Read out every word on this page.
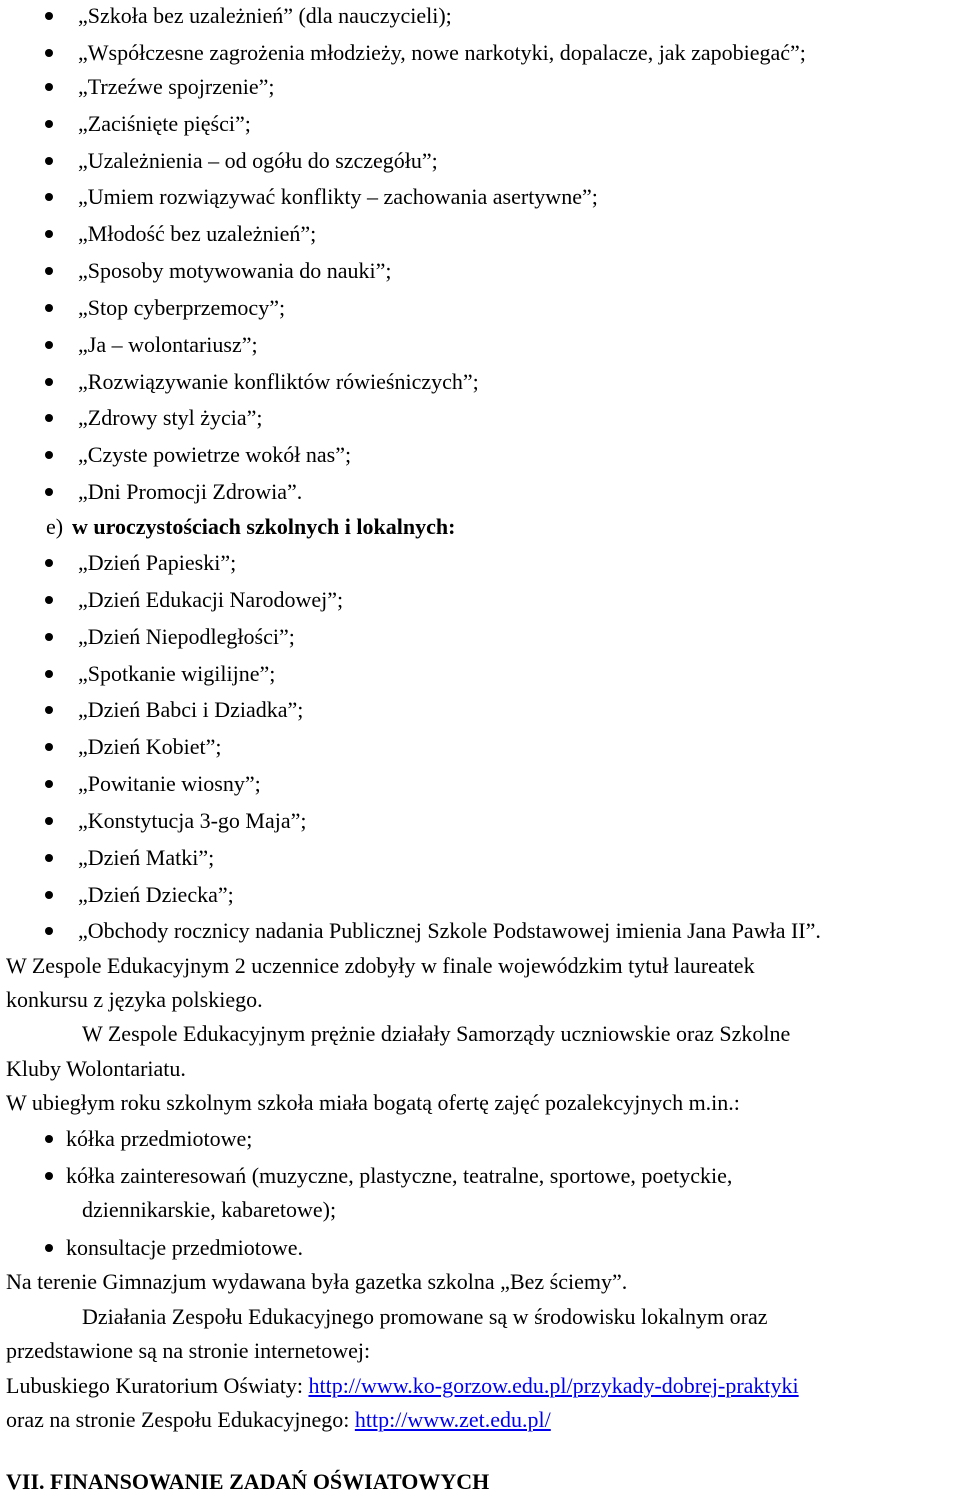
„Szkoła bez uzależnień” (dla nauczycieli);
„Współczesne zagrożenia młodzieży, nowe narkotyki, dopalacze, jak zapobiegać”;
„Trzeźwe spojrzenie”;
„Zaciśnięte pięści”;
„Uzależnienia – od ogółu do szczegółu”;
„Umiem rozwiązywać konflikty – zachowania asertywne”;
„Młodość bez uzależnień”;
„Sposoby motywowania do nauki”;
„Stop cyberprzemocy”;
„Ja – wolontariusz”;
„Rozwiązywanie konfliktów rówieśniczych”;
„Zdrowy styl życia”;
„Czyste powietrze wokół nas”;
„Dni Promocji Zdrowia”.
e) w uroczystościach szkolnych i lokalnych:
„Dzień Papieski”;
„Dzień Edukacji Narodowej”;
„Dzień Niepodległości”;
„Spotkanie wigilijne”;
„Dzień Babci i Dziadka”;
„Dzień Kobiet”;
„Powitanie wiosny”;
„Konstytucja 3-go Maja”;
„Dzień Matki”;
„Dzień Dziecka”;
„Obchody rocznicy nadania Publicznej Szkole Podstawowej imienia Jana Pawła II”.
W Zespole Edukacyjnym 2 uczennice zdobyły w finale wojewódzkim tytuł laureatek
konkursu z języka polskiego.
W Zespole Edukacyjnym prężnie działały Samorządy uczniowskie oraz Szkolne
Kluby Wolontariatu.
W ubiegłym roku szkolnym szkoła miała bogatą ofertę zajęć pozalekcyjnych m.in.:
kółka przedmiotowe;
kółka zainteresowań (muzyczne, plastyczne, teatralne, sportowe, poetyckie,
dziennikarskie, kabaretowe);
konsultacje przedmiotowe.
Na terenie Gimnazjum wydawana była gazetka szkolna „Bez ściemy”.
Działania Zespołu Edukacyjnego promowane są w środowisku lokalnym oraz
przedstawione są na stronie internetowej:
Lubuskiego Kuratorium Oświaty: http://www.ko-gorzow.edu.pl/przykady-dobrej-praktyki
oraz na stronie Zespołu Edukacyjnego: http://www.zet.edu.pl/
VII. FINANSOWANIE ZADAŃ OŚWIATOWYCH
